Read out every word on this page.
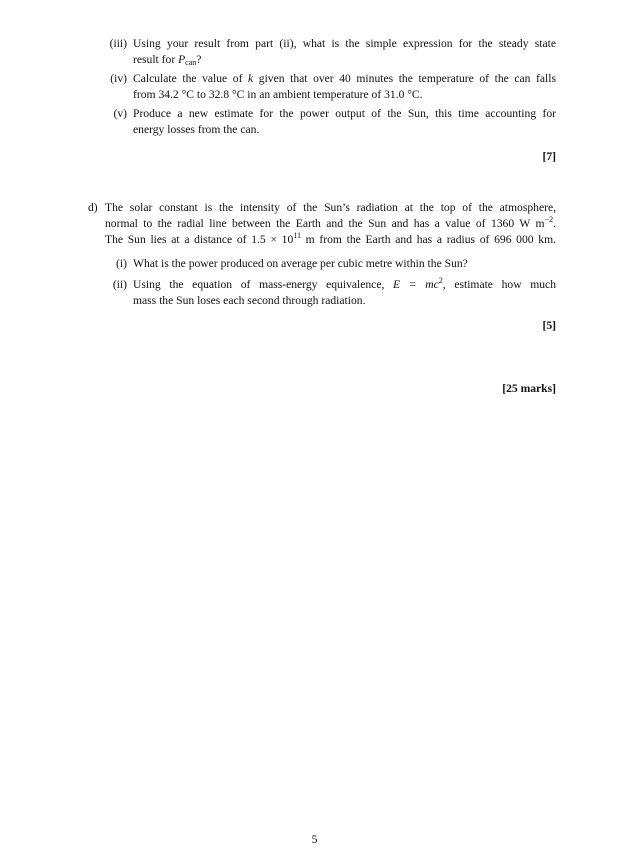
(iii) Using your result from part (ii), what is the simple expression for the steady state
result for $P_{can}$?
(iv) Calculate the value of k given that over 40 minutes the temperature of the can falls
from 34.2 °C to 32.8 °C in an ambient temperature of 31.0 °C.
(v) Produce a new estimate for the power output of the Sun, this time accounting for
energy losses from the can.
[7]
d) The solar constant is the intensity of the Sun’s radiation at the top of the atmosphere,
normal to the radial line between the Earth and the Sun and has a value of 1360 W $m^{-2}$.
The Sun lies at a distance of $1.5 \times 10^{11}$ m from the Earth and has a radius of 696 000 km.
(i) What is the power produced on average per cubic metre within the Sun?
(ii) Using the equation of mass-energy equivalence, $E = mc^2$, estimate how much
mass the Sun loses each second through radiation.
[5]
[25 marks]
5
